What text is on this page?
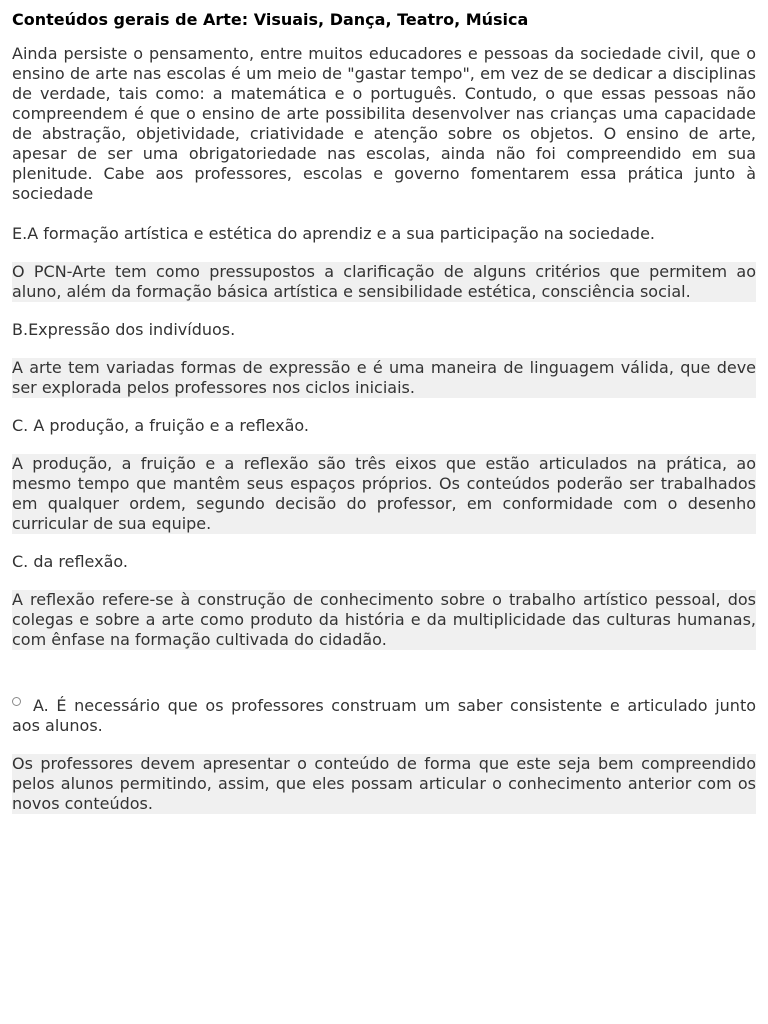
Conteúdos gerais de Arte: Visuais, Dança, Teatro, Música

Ainda persiste o pensamento, entre muitos educadores e pessoas da sociedade civil, que o ensino de arte nas escolas é um meio de "gastar tempo", em vez de se dedicar a disciplinas de verdade, tais como: a matemática e o português. Contudo, o que essas pessoas não compreendem é que o ensino de arte possibilita desenvolver nas crianças uma capacidade de abstração, objetividade, criatividade e atenção sobre os objetos. O ensino de arte, apesar de ser uma obrigatoriedade nas escolas, ainda não foi compreendido em sua plenitude. Cabe aos professores, escolas e governo fomentarem essa prática junto à sociedade

E.A formação artística e estética do aprendiz e a sua participação na sociedade.

O PCN-Arte tem como pressupostos a clarificação de alguns critérios que permitem ao aluno, além da formação básica artística e sensibilidade estética, consciência social.

B.Expressão dos indivíduos.

A arte tem variadas formas de expressão e é uma maneira de linguagem válida, que deve ser explorada pelos professores nos ciclos iniciais.

C. A produção, a fruição e a reflexão.

A produção, a fruição e a reflexão são três eixos que estão articulados na prática, ao mesmo tempo que mantêm seus espaços próprios. Os conteúdos poderão ser trabalhados em qualquer ordem, segundo decisão do professor, em conformidade com o desenho curricular de sua equipe.

C. da reflexão.

A reflexão refere-se à construção de conhecimento sobre o trabalho artístico pessoal, dos colegas e sobre a arte como produto da história e da multiplicidade das culturas humanas, com ênfase na formação cultivada do cidadão.

A. É necessário que os professores construam um saber consistente e articulado junto aos alunos.

Os professores devem apresentar o conteúdo de forma que este seja bem compreendido pelos alunos permitindo, assim, que eles possam articular o conhecimento anterior com os novos conteúdos.
